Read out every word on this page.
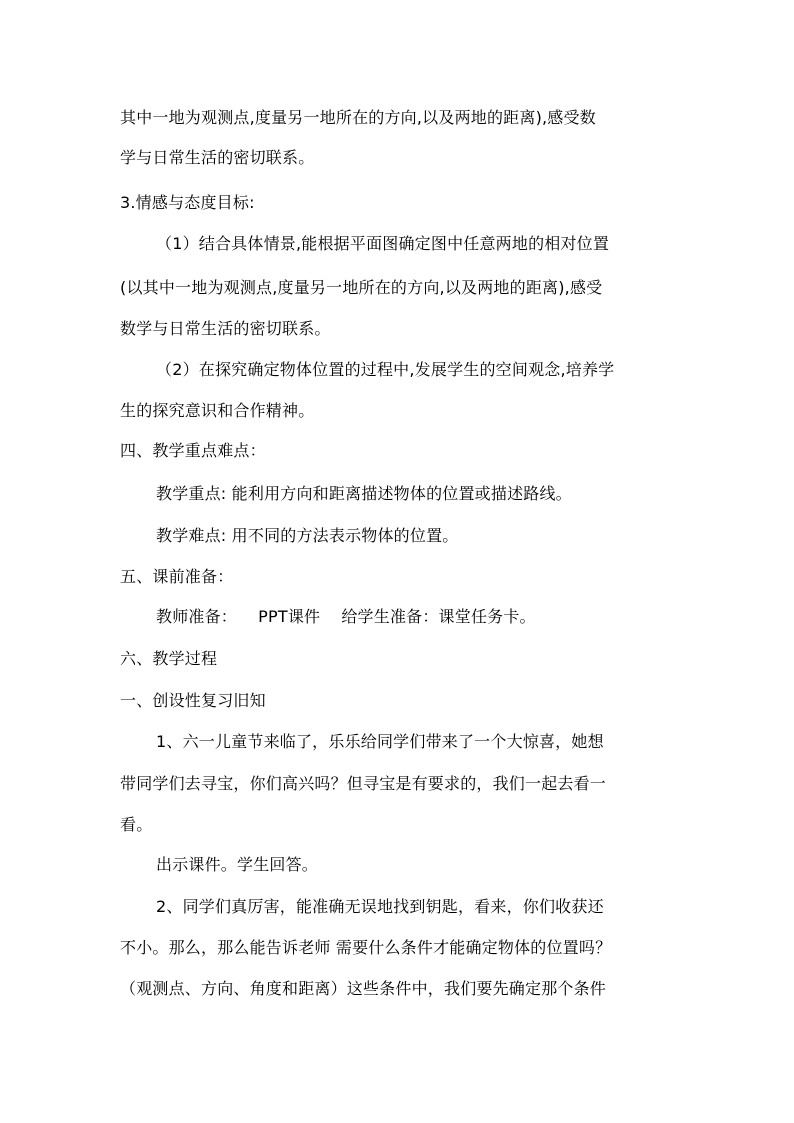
其中一地为观测点,度量另一地所在的方向,以及两地的距离),感受数

学与日常生活的密切联系。

3.情感与态度目标:

（1）结合具体情景,能根据平面图确定图中任意两地的相对位置

(以其中一地为观测点,度量另一地所在的方向,以及两地的距离),感受

数学与日常生活的密切联系。

（2）在探究确定物体位置的过程中,发展学生的空间观念,培养学

生的探究意识和合作精神。

四、教学重点难点：

教学重点: 能利用方向和距离描述物体的位置或描述路线。

教学难点: 用不同的方法表示物体的位置。

五、课前准备：

教师准备：    PPT课件    给学生准备：课堂任务卡。

六、教学过程

一、创设性复习旧知

1、六一儿童节来临了，乐乐给同学们带来了一个大惊喜，她想

带同学们去寻宝，你们高兴吗？但寻宝是有要求的，我们一起去看一

看。

出示课件。学生回答。

2、同学们真厉害，能准确无误地找到钥匙，看来，你们收获还

不小。那么，那么能告诉老师 需要什么条件才能确定物体的位置吗？

（观测点、方向、角度和距离）这些条件中，我们要先确定那个条件
